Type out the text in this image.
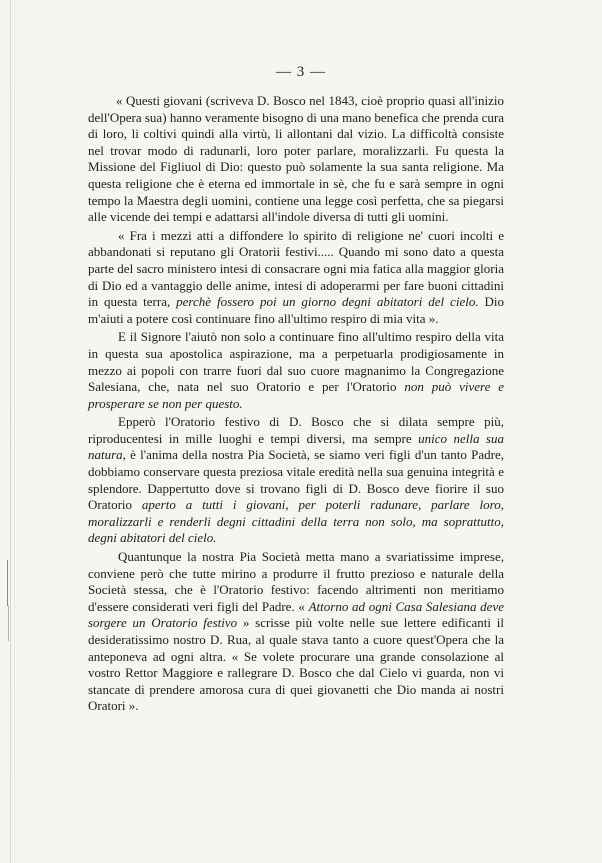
— 3 —

« Questi giovani (scriveva D. Bosco nel 1843, cioè proprio quasi all'inizio dell'Opera sua) hanno veramente bisogno di una mano benefica che prenda cura di loro, li coltivi quindi alla virtù, li allontani dal vizio. La difficoltà consiste nel trovar modo di radunarli, loro poter parlare, moralizzarli. Fu questa la Missione del Figliuol di Dio: questo può solamente la sua santa religione. Ma questa religione che è eterna ed immortale in sè, che fu e sarà sempre in ogni tempo la Maestra degli uomini, contiene una legge così perfetta, che sa piegarsi alle vicende dei tempi e adattarsi all'indole diversa di tutti gli uomini.

« Fra i mezzi atti a diffondere lo spirito di religione ne' cuori incolti e abbandonati si reputano gli Oratorii festivi..... Quando mi sono dato a questa parte del sacro ministero intesi di consacrare ogni mia fatica alla maggior gloria di Dio ed a vantaggio delle anime, intesi di adoperarmi per fare buoni cittadini in questa terra, perchè fossero poi un giorno degni abitatori del cielo. Dio m'aiuti a potere così continuare fino all'ultimo respiro di mia vita ».

E il Signore l'aiutò non solo a continuare fino all'ultimo respiro della vita in questa sua apostolica aspirazione, ma a perpetuarla prodigiosamente in mezzo ai popoli con trarre fuori dal suo cuore magnanimo la Congregazione Salesiana, che, nata nel suo Oratorio e per l'Oratorio non può vivere e prosperare se non per questo.

Epperò l'Oratorio festivo di D. Bosco che si dilata sempre più, riproducentesi in mille luoghi e tempi diversi, ma sempre unico nella sua natura, è l'anima della nostra Pia Società, se siamo veri figli d'un tanto Padre, dobbiamo conservare questa preziosa vitale eredità nella sua genuina integrità e splendore. Dappertutto dove si trovano figli di D. Bosco deve fiorire il suo Oratorio aperto a tutti i giovani, per poterli radunare, parlare loro, moralizzarli e renderli degni cittadini della terra non solo, ma soprattutto, degni abitatori del cielo.

Quantunque la nostra Pia Società metta mano a svariatissime imprese, conviene però che tutte mirino a produrre il frutto prezioso e naturale della Società stessa, che è l'Oratorio festivo: facendo altrimenti non meritiamo d'essere considerati veri figli del Padre. « Attorno ad ogni Casa Salesiana deve sorgere un Oratorio festivo » scrisse più volte nelle sue lettere edificanti il desideratissimo nostro D. Rua, al quale stava tanto a cuore quest'Opera che la anteponeva ad ogni altra. « Se volete procurare una grande consolazione al vostro Rettor Maggiore e rallegrare D. Bosco che dal Cielo vi guarda, non vi stancate di prendere amorosa cura di quei giovanetti che Dio manda ai nostri Oratori ».
